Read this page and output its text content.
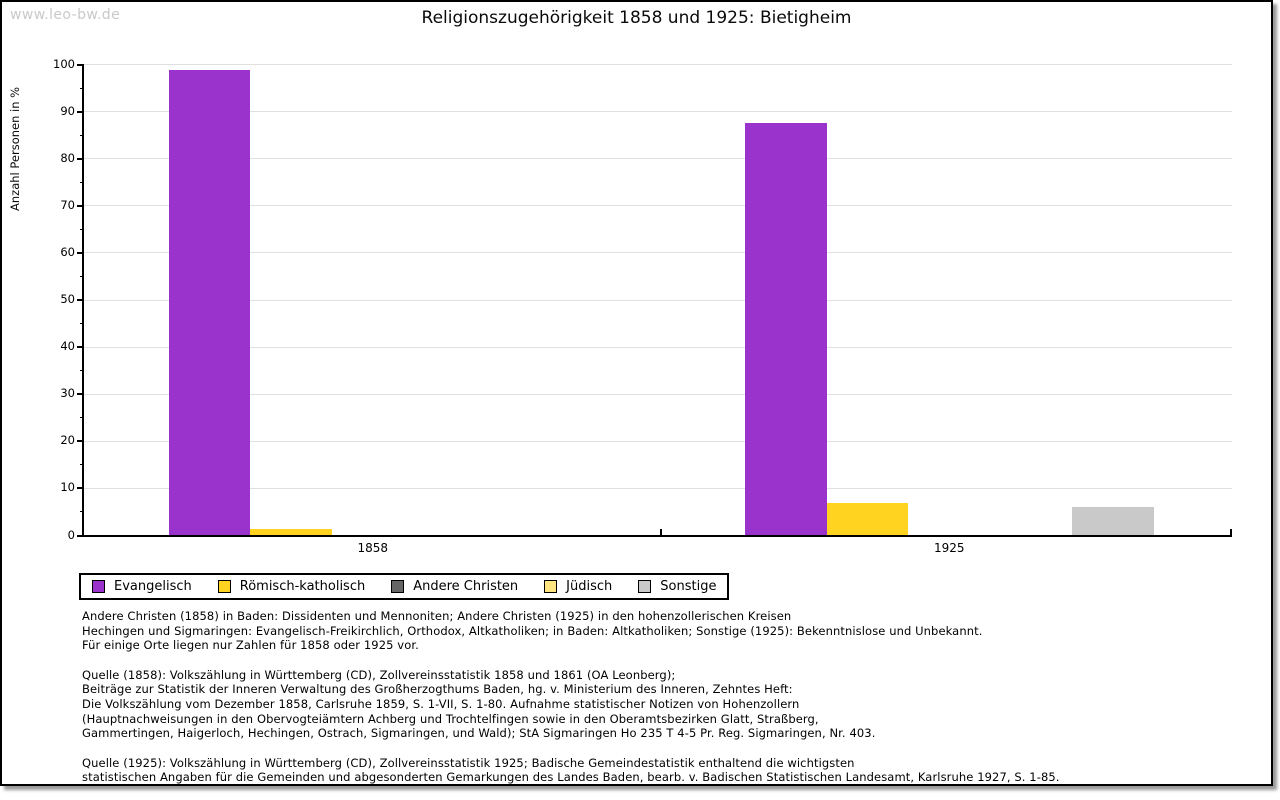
www.leo-bw.de	Religionszugehörigkeit 1858 und 1925: Bietigheim
Anzahl Personen in %
0
10
20
30
40
50
60
70
80
90
100
1858	1925
Evangelisch	Römisch-katholisch	Andere Christen	Jüdisch	Sonstige
Andere Christen (1858) in Baden: Dissidenten und Mennoniten; Andere Christen (1925) in den hohenzollerischen Kreisen
Hechingen und Sigmaringen: Evangelisch-Freikirchlich, Orthodox, Altkatholiken; in Baden: Altkatholiken; Sonstige (1925): Bekenntnislose und Unbekannt.
Für einige Orte liegen nur Zahlen für 1858 oder 1925 vor.
Quelle (1858): Volkszählung in Württemberg (CD), Zollvereinsstatistik 1858 und 1861 (OA Leonberg);
Beiträge zur Statistik der Inneren Verwaltung des Großherzogthums Baden, hg. v. Ministerium des Inneren, Zehntes Heft:
Die Volkszählung vom Dezember 1858, Carlsruhe 1859, S. 1-VII, S. 1-80. Aufnahme statistischer Notizen von Hohenzollern
(Hauptnachweisungen in den Obervogteiämtern Achberg und Trochtelfingen sowie in den Oberamtsbezirken Glatt, Straßberg,
Gammertingen, Haigerloch, Hechingen, Ostrach, Sigmaringen, und Wald); StA Sigmaringen Ho 235 T 4-5 Pr. Reg. Sigmaringen, Nr. 403.
Quelle (1925): Volkszählung in Württemberg (CD), Zollvereinsstatistik 1925; Badische Gemeindestatistik enthaltend die wichtigsten
statistischen Angaben für die Gemeinden und abgesonderten Gemarkungen des Landes Baden, bearb. v. Badischen Statistischen Landesamt, Karlsruhe 1927, S. 1-85.
